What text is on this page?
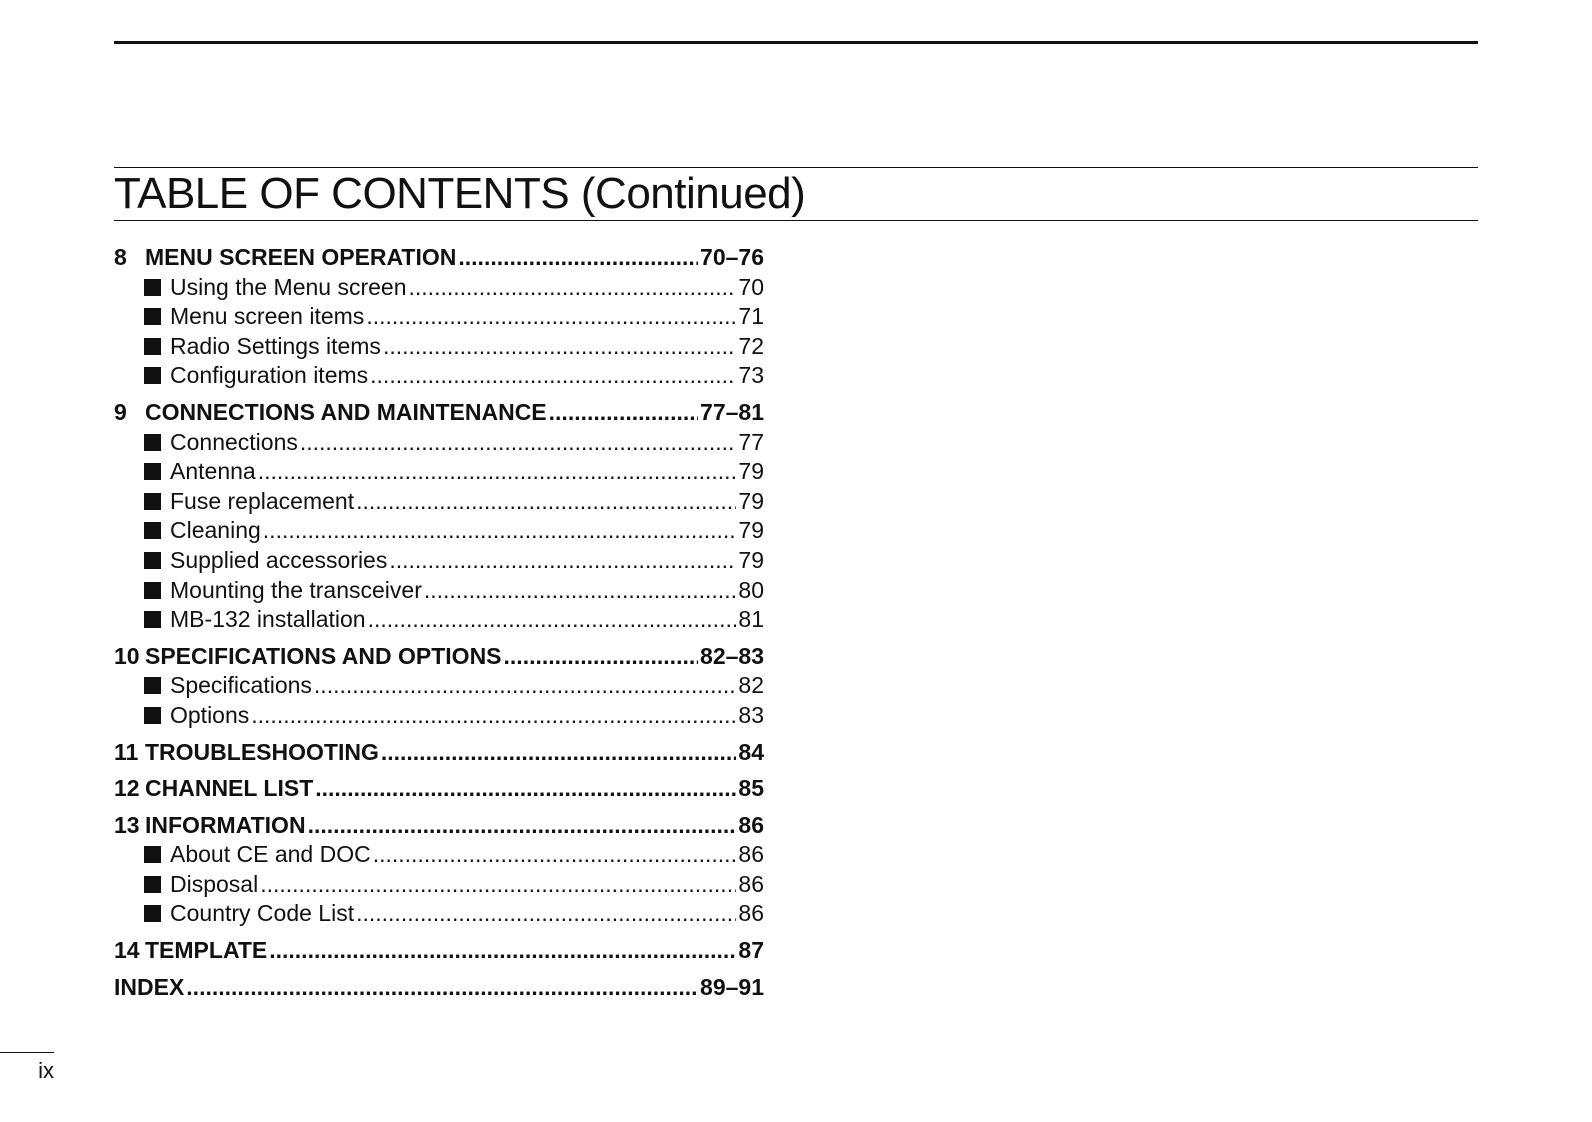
TABLE OF CONTENTS (Continued)
8 MENU SCREEN OPERATION .....	70–76
Using the Menu screen .....	70
Menu screen items .....	71
Radio Settings items .....	72
Configuration items .....	73
9 CONNECTIONS AND MAINTENANCE .....	77–81
Connections .....	77
Antenna .....	79
Fuse replacement .....	79
Cleaning .....	79
Supplied accessories .....	79
Mounting the transceiver .....	80
MB-132 installation .....	81
10 SPECIFICATIONS AND OPTIONS .....	82–83
Specifications .....	82
Options .....	83
11 TROUBLESHOOTING .....	84
12 CHANNEL LIST .....	85
13 INFORMATION .....	86
About CE and DOC .....	86
Disposal .....	86
Country Code List .....	86
14 TEMPLATE .....	87
INDEX .....	89–91
ix
